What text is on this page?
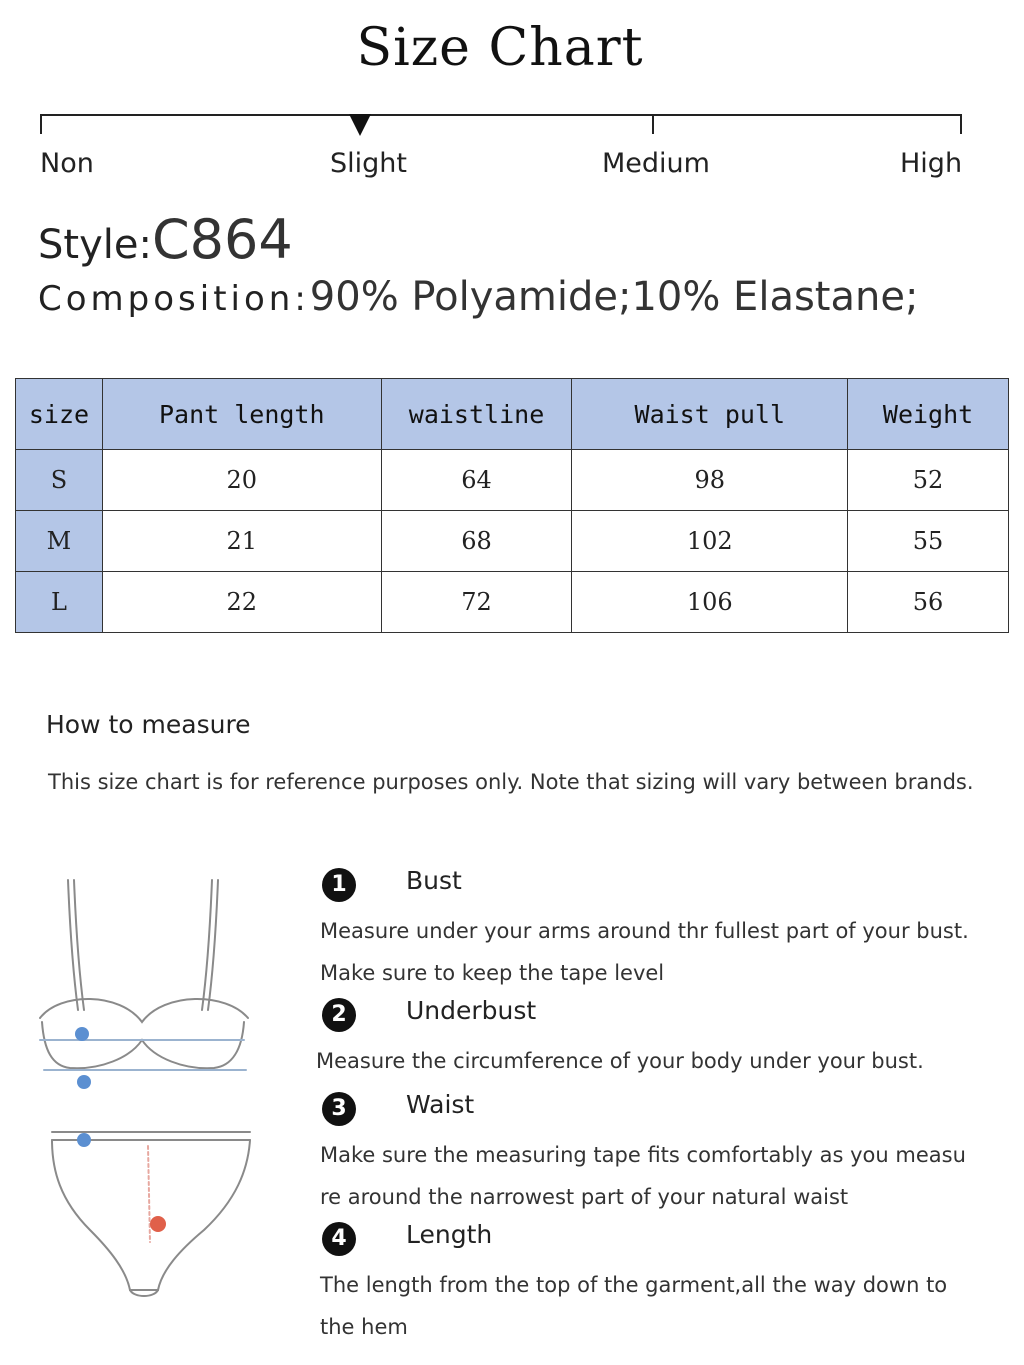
Size Chart
Non	Slight	Medium	High
Style:C864
Composition:90% Polyamide;10% Elastane;
size	Pant length	waistline	Waist pull	Weight
S	20	64	98	52
M	21	68	102	55
L	22	72	106	56
How to measure
This size chart is for reference purposes only. Note that sizing will vary between brands.
1	Bust
Measure under your arms around thr fullest part of your bust.
Make sure to keep the tape level
2	Underbust
Measure the circumference of your body under your bust.
3	Waist
Make sure the measuring tape fits comfortably as you measu
re around the narrowest part of your natural waist
4	Length
The length from the top of the garment,all the way down to
the hem
